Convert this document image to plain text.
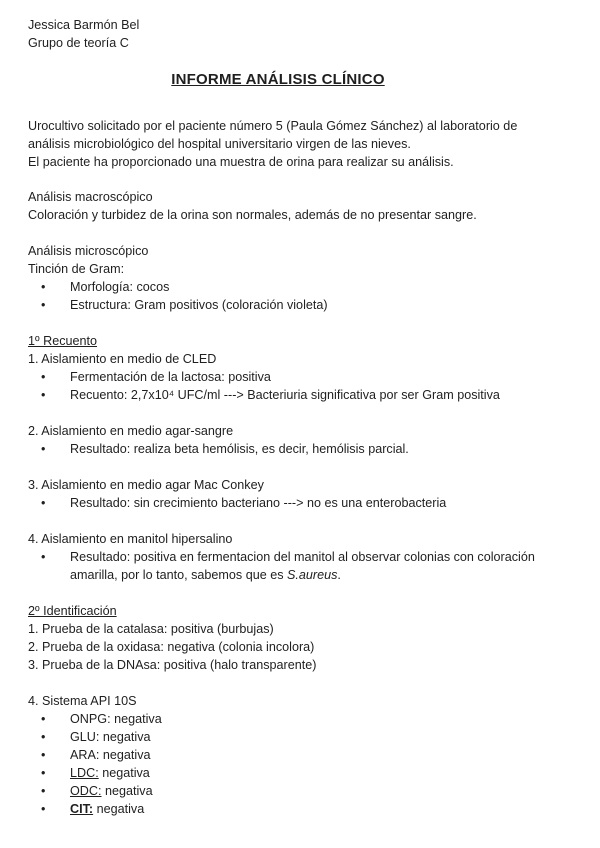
Jessica Barmón Bel
Grupo de teoría C
INFORME ANÁLISIS CLÍNICO
Urocultivo solicitado por el paciente número 5 (Paula Gómez Sánchez) al laboratorio de
análisis microbiológico del hospital universitario virgen de las nieves.
El paciente ha proporcionado una muestra de orina para realizar su análisis.
Análisis macroscópico
Coloración y turbidez de la orina son normales, además de no presentar sangre.
Análisis microscópico
Tinción de Gram:
• Morfología: cocos
• Estructura: Gram positivos (coloración violeta)
1º Recuento
1. Aislamiento en medio de CLED
• Fermentación de la lactosa: positiva
• Recuento: 2,7x10⁴ UFC/ml ---> Bacteriuria significativa por ser Gram positiva
2. Aislamiento en medio agar-sangre
• Resultado: realiza beta hemólisis, es decir, hemólisis parcial.
3. Aislamiento en medio agar Mac Conkey
• Resultado: sin crecimiento bacteriano ---> no es una enterobacteria
4. Aislamiento en manitol hipersalino
• Resultado: positiva en fermentacion del manitol al observar colonias con coloración
amarilla, por lo tanto, sabemos que es S.aureus.
2º Identificación
1. Prueba de la catalasa: positiva (burbujas)
2. Prueba de la oxidasa: negativa (colonia incolora)
3. Prueba de la DNAsa: positiva (halo transparente)
4. Sistema API 10S
• ONPG: negativa
• GLU: negativa
• ARA: negativa
• LDC: negativa
• ODC: negativa
• CIT: negativa
